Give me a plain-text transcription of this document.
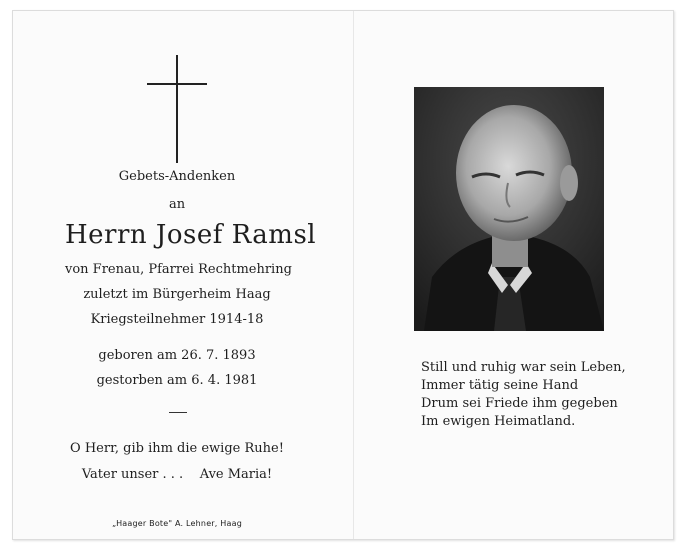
Gebets-Andenken
an
Herrn Josef Ramsl
von Frenau, Pfarrei Rechtmehring
zuletzt im Bürgerheim Haag
Kriegsteilnehmer 1914-18
geboren am 26. 7. 1893
gestorben am 6. 4. 1981
O Herr, gib ihm die ewige Ruhe!
Vater unser . . . Ave Maria!
„Haager Bote" A. Lehner, Haag
Still und ruhig war sein Leben,
Immer tätig seine Hand
Drum sei Friede ihm gegeben
Im ewigen Heimatland.
